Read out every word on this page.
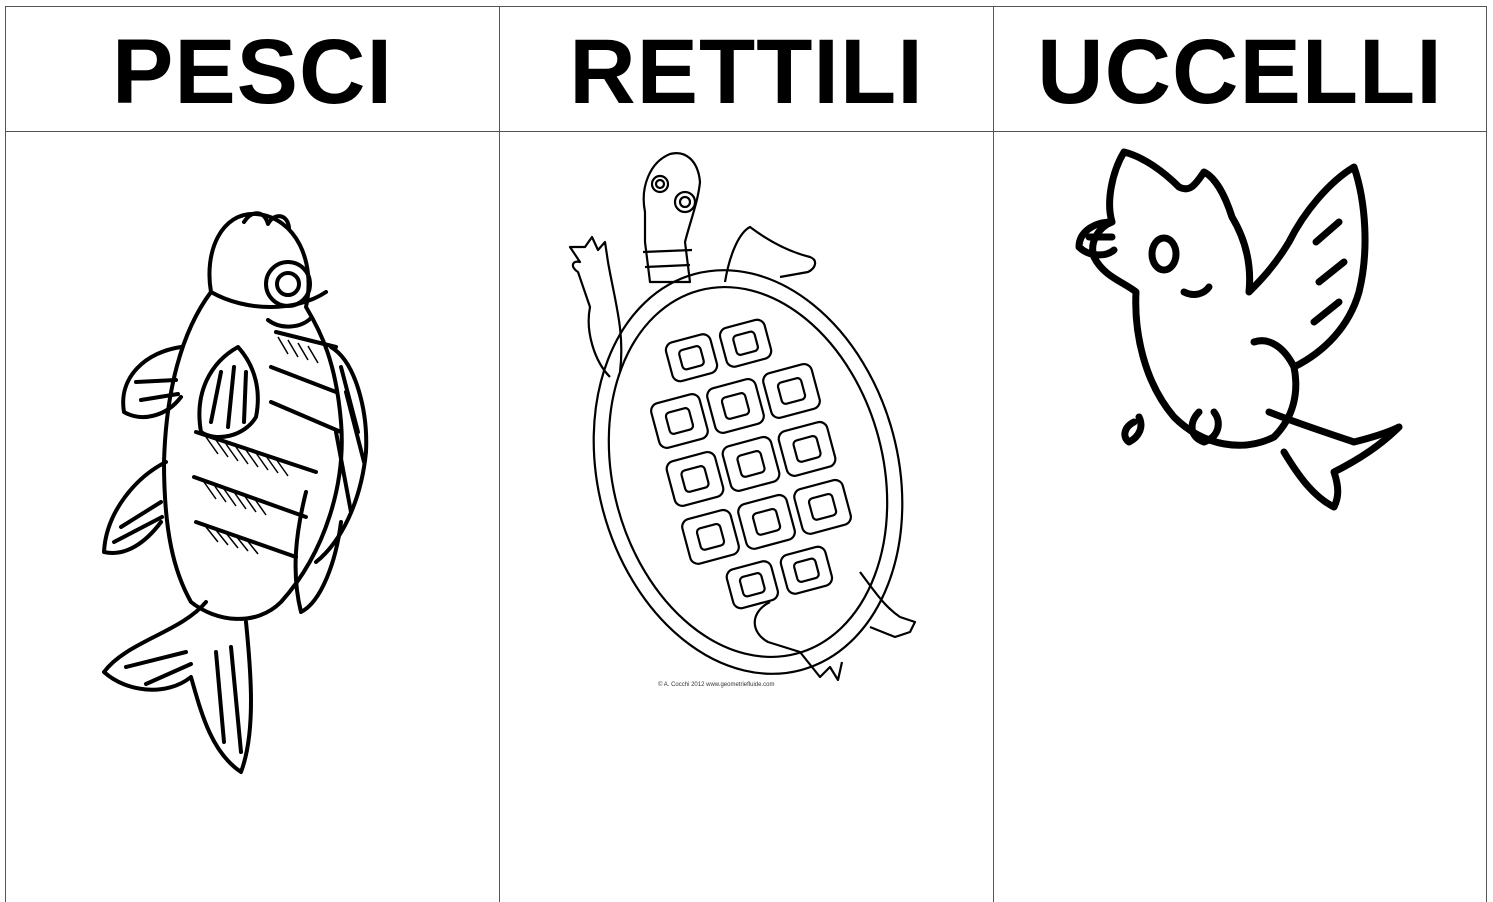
PESCI	RETTILI	UCCELLI
© A. Cocchi 2012 www.geometriefluide.com
